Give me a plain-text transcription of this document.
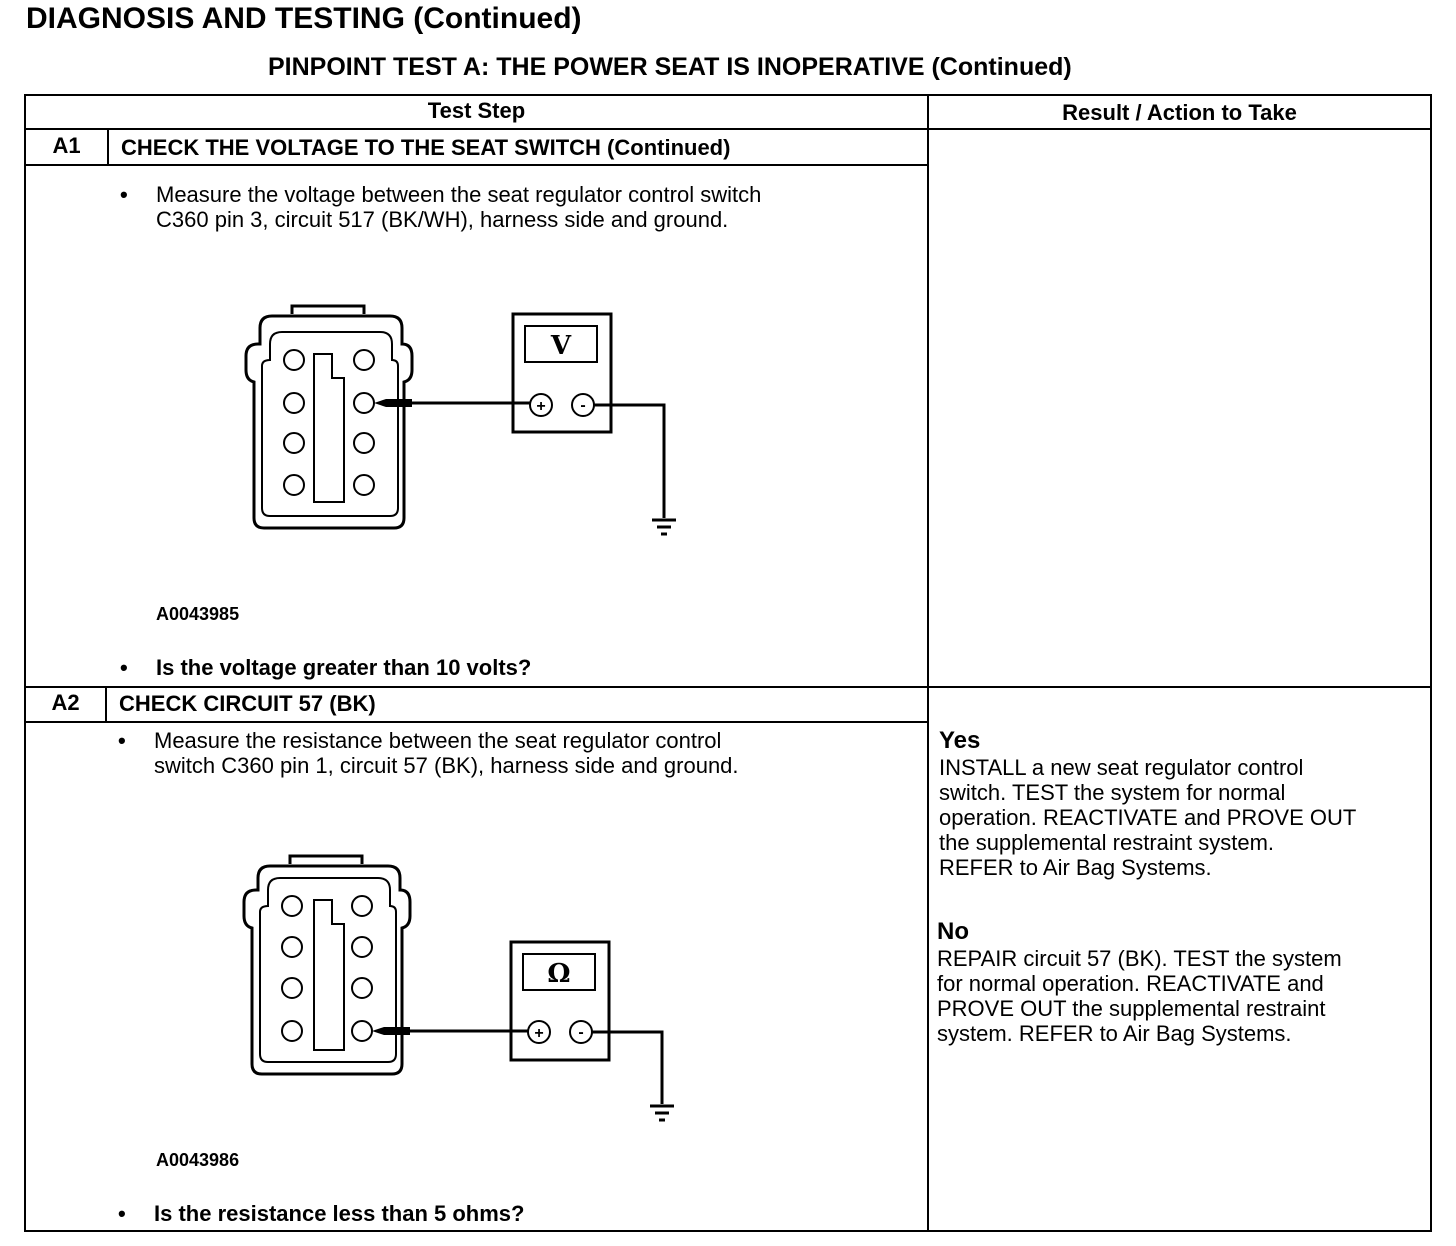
DIAGNOSIS AND TESTING (Continued)
PINPOINT TEST A: THE POWER SEAT IS INOPERATIVE (Continued)
Test Step	Result / Action to Take
A1	CHECK THE VOLTAGE TO THE SEAT SWITCH (Continued)
• Measure the voltage between the seat regulator control switch
C360 pin 3, circuit 517 (BK/WH), harness side and ground.
V
+ -
A0043985
• Is the voltage greater than 10 volts?
A2	CHECK CIRCUIT 57 (BK)
• Measure the resistance between the seat regulator control
switch C360 pin 1, circuit 57 (BK), harness side and ground.
Ω
+ -
A0043986
• Is the resistance less than 5 ohms?
Yes
INSTALL a new seat regulator control
switch. TEST the system for normal
operation. REACTIVATE and PROVE OUT
the supplemental restraint system.
REFER to Air Bag Systems.
No
REPAIR circuit 57 (BK). TEST the system
for normal operation. REACTIVATE and
PROVE OUT the supplemental restraint
system. REFER to Air Bag Systems.
